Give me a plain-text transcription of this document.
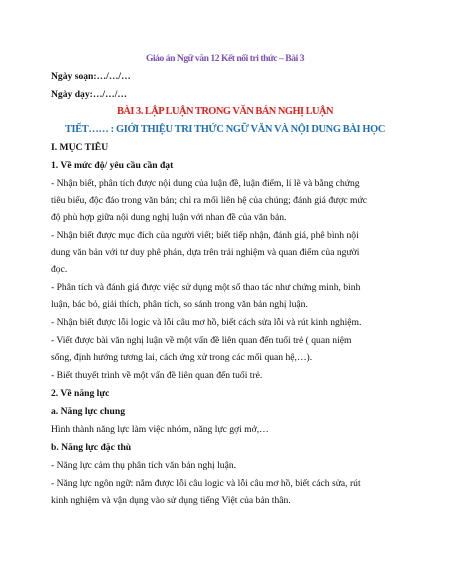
Giáo án Ngữ văn 12 Kết nối tri thức – Bài 3
Ngày soạn:…/…/…
Ngày dạy:…/…/…
BÀI 3. LẬP LUẬN TRONG VĂN BẢN NGHỊ LUẬN
TIẾT…… : GIỚI THIỆU TRI THỨC NGỮ VĂN VÀ NỘI DUNG BÀI HỌC
I. MỤC TIÊU
1. Về mức độ/ yêu cầu cần đạt
- Nhận biết, phân tích được nội dung của luận đề, luận điểm, lí lẽ và bằng chứng
tiêu biểu, độc đáo trong văn bản; chỉ ra mối liên hệ của chúng; đánh giá được mức
độ phù hợp giữa nội dung nghị luận với nhan đề của văn bản.
- Nhận biết được mục đích của người viết; biết tiếp nhận, đánh giá, phê bình nội
dung văn bản với tư duy phê phán, dựa trên trải nghiệm và quan điểm của người
đọc.
- Phân tích và đánh giá được việc sử dụng một số thao tác như chứng minh, bình
luận, bác bỏ, giải thích, phân tích, so sánh trong văn bản nghị luận.
- Nhận biết được lỗi logic và lỗi câu mơ hồ, biết cách sửa lỗi và rút kinh nghiệm.
- Viết được bài văn nghị luận về một vấn đề liên quan đến tuổi trẻ ( quan niệm
sống, định hướng tương lai, cách ứng xử trong các mối quan hệ,…).
- Biết thuyết trình về một vấn đề liên quan đến tuổi trẻ.
2. Về năng lực
a. Năng lực chung
Hình thành năng lực làm việc nhóm, năng lực gợi mở,…
b. Năng lực đặc thù
- Năng lực cảm thụ phân tích văn bản nghị luận.
- Năng lực ngôn ngữ: nắm được lỗi câu logic và lỗi câu mơ hồ, biết cách sửa, rút
kinh nghiệm và vận dụng vào sử dụng tiếng Việt của bản thân.
